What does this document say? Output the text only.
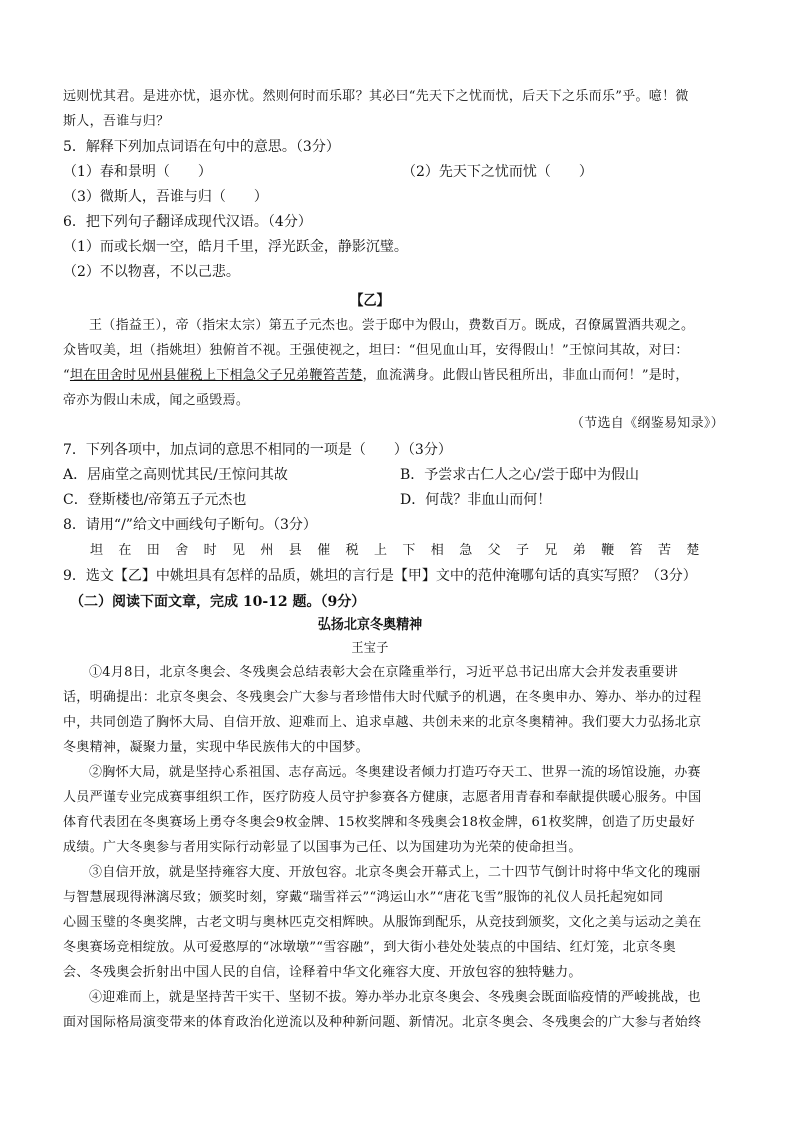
远则忧其君。是进亦忧，退亦忧。然则何时而乐耶？其必曰“先天下之忧而忧，后天下之乐而乐”乎。噫！微
斯人，吾谁与归？
5．解释下列加点词语在句中的意思。（3分）
（1）春和景明（　　）	（2）先天下之忧而忧（　　）
（3）微斯人，吾谁与归（　　）
6．把下列句子翻译成现代汉语。（4分）
（1）而或长烟一空，皓月千里，浮光跃金，静影沉璧。
（2）不以物喜，不以己悲。
【乙】
王（指益王），帝（指宋太宗）第五子元杰也。尝于邸中为假山，费数百万。既成，召僚属置酒共观之。
众皆叹美，坦（指姚坦）独俯首不视。王强使视之，坦曰：“但见血山耳，安得假山！”王惊问其故，对曰：
“坦在田舍时见州县催税上下相急父子兄弟鞭笞苦楚，血流满身。此假山皆民租所出，非血山而何！”是时，
帝亦为假山未成，闻之亟毁焉。
（节选自《纲鉴易知录》）
7．下列各项中，加点词的意思不相同的一项是（　　）（3分）
A．居庙堂之高则忧其民/王惊问其故	B．予尝求古仁人之心/尝于邸中为假山
C．登斯楼也/帝第五子元杰也	D．何哉？非血山而何！
8．请用“/”给文中画线句子断句。（3分）
坦在田舍时见州县催税上下相急父子兄弟鞭笞苦楚
9．选文【乙】中姚坦具有怎样的品质，姚坦的言行是【甲】文中的范仲淹哪句话的真实写照？（3分）
（二）阅读下面文章，完成 10-12 题。（9分）
弘扬北京冬奥精神
王宝子
①4月8日，北京冬奥会、冬残奥会总结表彰大会在京隆重举行，习近平总书记出席大会并发表重要讲
话，明确提出：北京冬奥会、冬残奥会广大参与者珍惜伟大时代赋予的机遇，在冬奥申办、筹办、举办的过程
中，共同创造了胸怀大局、自信开放、迎难而上、追求卓越、共创未来的北京冬奥精神。我们要大力弘扬北京
冬奥精神，凝聚力量，实现中华民族伟大的中国梦。
②胸怀大局，就是坚持心系祖国、志存高远。冬奥建设者倾力打造巧夺天工、世界一流的场馆设施，办赛
人员严谨专业完成赛事组织工作，医疗防疫人员守护参赛各方健康，志愿者用青春和奉献提供暖心服务。中国
体育代表团在冬奥赛场上勇夺冬奥会9枚金牌、15枚奖牌和冬残奥会18枚金牌，61枚奖牌，创造了历史最好
成绩。广大冬奥参与者用实际行动彰显了以国事为己任、以为国建功为光荣的使命担当。
③自信开放，就是坚持雍容大度、开放包容。北京冬奥会开幕式上，二十四节气倒计时将中华文化的瑰丽
与智慧展现得淋漓尽致；颁奖时刻，穿戴“瑞雪祥云”“鸿运山水”“唐花飞雪”服饰的礼仪人员托起宛如同
心圆玉璧的冬奥奖牌，古老文明与奥林匹克交相辉映。从服饰到配乐，从竞技到颁奖，文化之美与运动之美在
冬奥赛场竞相绽放。从可爱憨厚的“冰墩墩”“雪容融”，到大街小巷处处装点的中国结、红灯笼，北京冬奥
会、冬残奥会折射出中国人民的自信，诠释着中华文化雍容大度、开放包容的独特魅力。
④迎难而上，就是坚持苦干实干、坚韧不拔。筹办举办北京冬奥会、冬残奥会既面临疫情的严峻挑战，也
面对国际格局演变带来的体育政治化逆流以及种种新问题、新情况。北京冬奥会、冬残奥会的广大参与者始终
